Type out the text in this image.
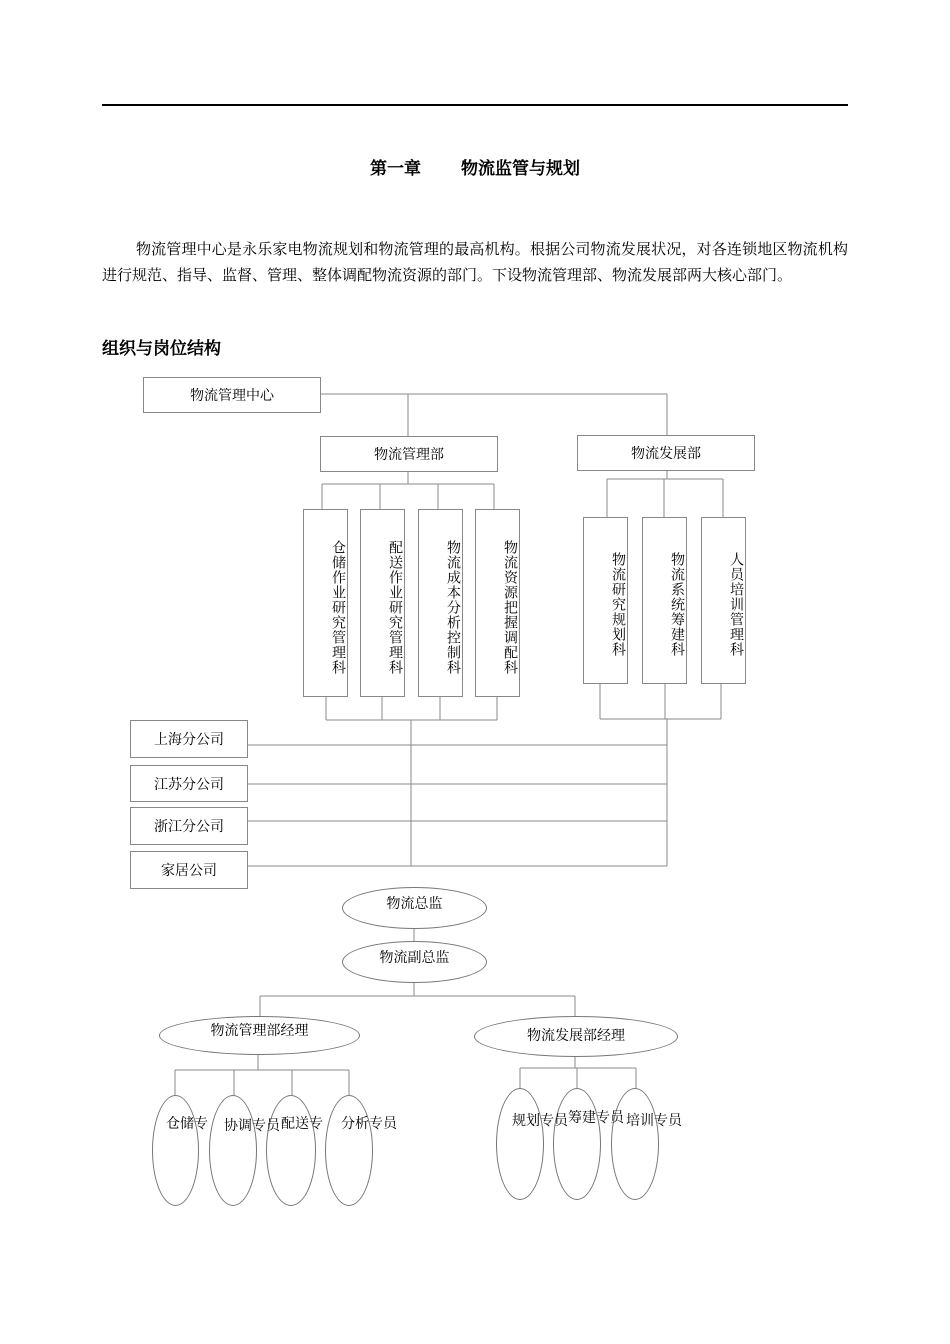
第一章 物流监管与规划
物流管理中心是永乐家电物流规划和物流管理的最高机构。根据公司物流发展状况，对各连锁地区物流机构进行规范、指导、监督、管理、整体调配物流资源的部门。下设物流管理部、物流发展部两大核心部门。
组织与岗位结构
物流管理中心
物流管理部	物流发展部
仓储作业研究管理科	配送作业研究管理科	物流成本分析控制科	物流资源把握调配科	物流研究规划科	物流系统筹建科	人员培训管理科
上海分公司
江苏分公司
浙江分公司
家居公司
物流总监
物流副总监
物流管理部经理	物流发展部经理
仓储专 协调专员 配送专 分析专员	规划专员 筹建专员 培训专员
